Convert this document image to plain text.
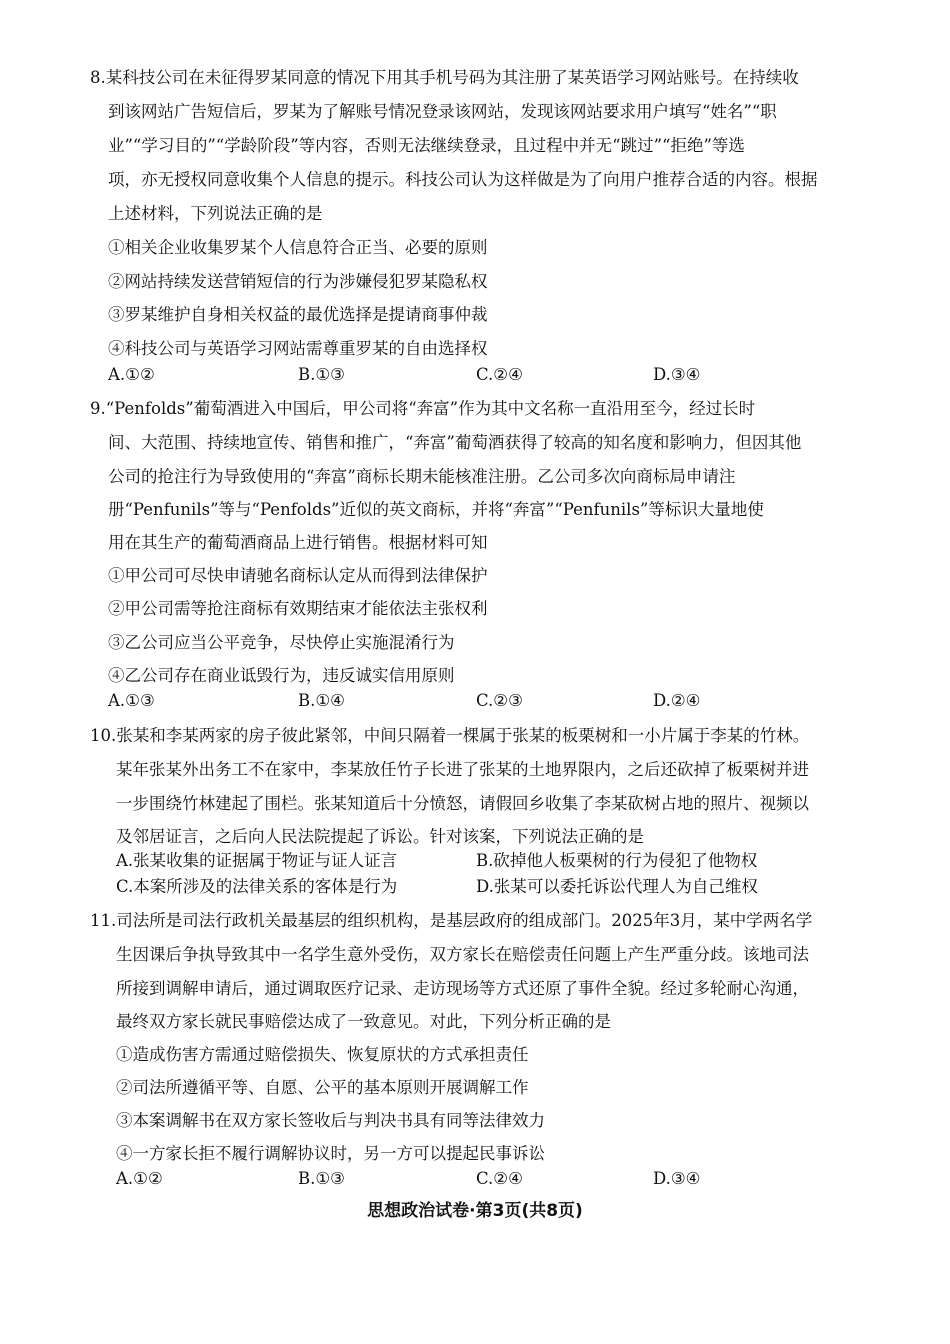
8.某科技公司在未征得罗某同意的情况下用其手机号码为其注册了某英语学习网站账号。在持续收
到该网站广告短信后，罗某为了解账号情况登录该网站，发现该网站要求用户填写“姓名”“职
业”“学习目的”“学龄阶段”等内容，否则无法继续登录，且过程中并无“跳过”“拒绝”等选
项，亦无授权同意收集个人信息的提示。科技公司认为这样做是为了向用户推荐合适的内容。根据
上述材料，下列说法正确的是
①相关企业收集罗某个人信息符合正当、必要的原则
②网站持续发送营销短信的行为涉嫌侵犯罗某隐私权
③罗某维护自身相关权益的最优选择是提请商事仲裁
④科技公司与英语学习网站需尊重罗某的自由选择权
A.①②	B.①③	C.②④	D.③④
9.“Penfolds”葡萄酒进入中国后，甲公司将“奔富”作为其中文名称一直沿用至今，经过长时
间、大范围、持续地宣传、销售和推广，“奔富”葡萄酒获得了较高的知名度和影响力，但因其他
公司的抢注行为导致使用的“奔富”商标长期未能核准注册。乙公司多次向商标局申请注
册“Penfunils”等与“Penfolds”近似的英文商标，并将“奔富”“Penfunils”等标识大量地使
用在其生产的葡萄酒商品上进行销售。根据材料可知
①甲公司可尽快申请驰名商标认定从而得到法律保护
②甲公司需等抢注商标有效期结束才能依法主张权利
③乙公司应当公平竞争，尽快停止实施混淆行为
④乙公司存在商业诋毁行为，违反诚实信用原则
A.①③	B.①④	C.②③	D.②④
10.张某和李某两家的房子彼此紧邻，中间只隔着一棵属于张某的板栗树和一小片属于李某的竹林。
某年张某外出务工不在家中，李某放任竹子长进了张某的土地界限内，之后还砍掉了板栗树并进
一步围绕竹林建起了围栏。张某知道后十分愤怒，请假回乡收集了李某砍树占地的照片、视频以
及邻居证言，之后向人民法院提起了诉讼。针对该案，下列说法正确的是
A.张某收集的证据属于物证与证人证言	B.砍掉他人板栗树的行为侵犯了他物权
C.本案所涉及的法律关系的客体是行为	D.张某可以委托诉讼代理人为自己维权
11.司法所是司法行政机关最基层的组织机构，是基层政府的组成部门。2025年3月，某中学两名学
生因课后争执导致其中一名学生意外受伤，双方家长在赔偿责任问题上产生严重分歧。该地司法
所接到调解申请后，通过调取医疗记录、走访现场等方式还原了事件全貌。经过多轮耐心沟通，
最终双方家长就民事赔偿达成了一致意见。对此，下列分析正确的是
①造成伤害方需通过赔偿损失、恢复原状的方式承担责任
②司法所遵循平等、自愿、公平的基本原则开展调解工作
③本案调解书在双方家长签收后与判决书具有同等法律效力
④一方家长拒不履行调解协议时，另一方可以提起民事诉讼
A.①②	B.①③	C.②④	D.③④
思想政治试卷·第3页(共8页)
